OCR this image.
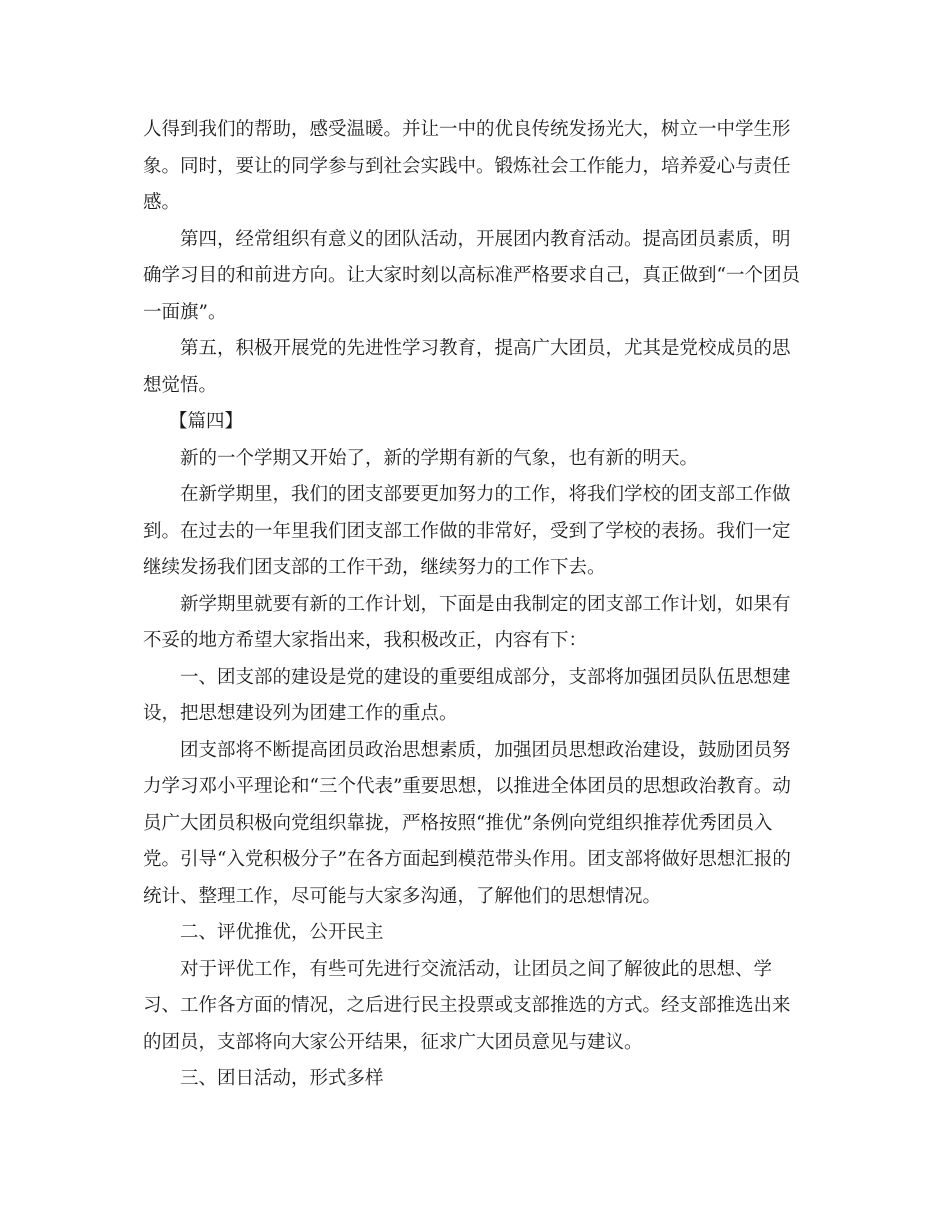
人得到我们的帮助，感受温暖。并让一中的优良传统发扬光大，树立一中学生形
象。同时，要让的同学参与到社会实践中。锻炼社会工作能力，培养爱心与责任
感。
第四，经常组织有意义的团队活动，开展团内教育活动。提高团员素质，明
确学习目的和前进方向。让大家时刻以高标准严格要求自己，真正做到“一个团员
一面旗”。
第五，积极开展党的先进性学习教育，提高广大团员，尤其是党校成员的思
想觉悟。
【篇四】
新的一个学期又开始了，新的学期有新的气象，也有新的明天。
在新学期里，我们的团支部要更加努力的工作，将我们学校的团支部工作做
到。在过去的一年里我们团支部工作做的非常好，受到了学校的表扬。我们一定
继续发扬我们团支部的工作干劲，继续努力的工作下去。
新学期里就要有新的工作计划，下面是由我制定的团支部工作计划，如果有
不妥的地方希望大家指出来，我积极改正，内容有下：
一、团支部的建设是党的建设的重要组成部分，支部将加强团员队伍思想建
设，把思想建设列为团建工作的重点。
团支部将不断提高团员政治思想素质，加强团员思想政治建设，鼓励团员努
力学习邓小平理论和“三个代表”重要思想，以推进全体团员的思想政治教育。动
员广大团员积极向党组织靠拢，严格按照“推优”条例向党组织推荐优秀团员入
党。引导“入党积极分子”在各方面起到模范带头作用。团支部将做好思想汇报的
统计、整理工作，尽可能与大家多沟通，了解他们的思想情况。
二、评优推优，公开民主
对于评优工作，有些可先进行交流活动，让团员之间了解彼此的思想、学
习、工作各方面的情况，之后进行民主投票或支部推选的方式。经支部推选出来
的团员，支部将向大家公开结果，征求广大团员意见与建议。
三、团日活动，形式多样
